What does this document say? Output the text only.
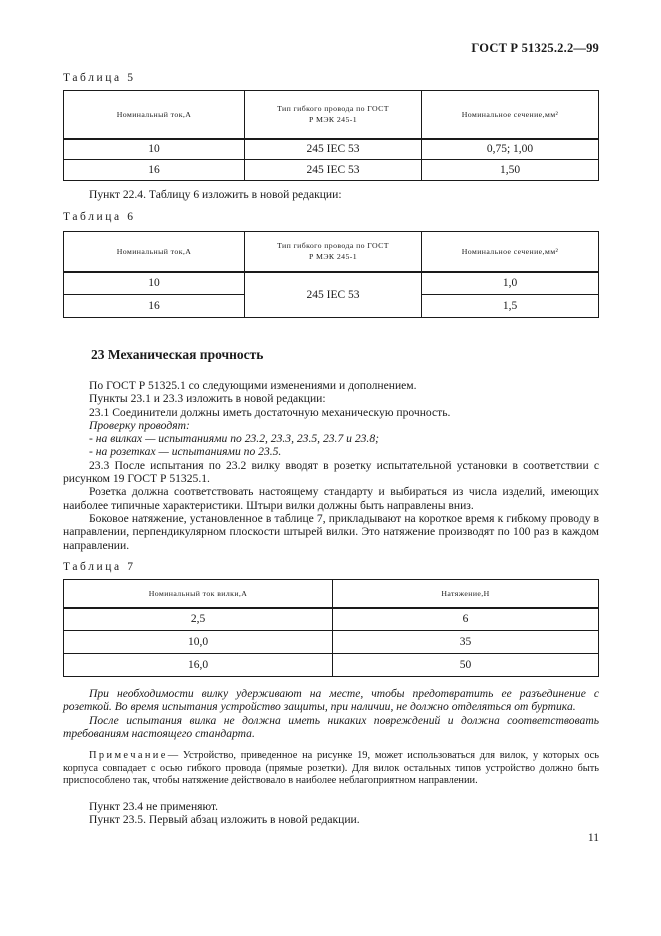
ГОСТ Р 51325.2.2—99
Таблица 5
Номинальный ток,А	Тип гибкого провода по ГОСТ Р МЭК 245-1	Номинальное сечение,мм²
10	245 IEC 53	0,75; 1,00
16	245 IEC 53	1,50

Пункт 22.4. Таблицу 6 изложить в новой редакции:

Таблица 6
Номинальный ток,А	Тип гибкого провода по ГОСТ Р МЭК 245-1	Номинальное сечение,мм²
10	245 IEC 53	1,0
16		1,5
23 Механическая прочность

По ГОСТ Р 51325.1 со следующими изменениями и дополнением.

Пункты 23.1 и 23.3 изложить в новой редакции:

23.1 Соединители должны иметь достаточную механическую прочность.

Проверку проводят:

- на вилках — испытаниями по 23.2, 23.3, 23.5, 23.7 и 23.8;

- на розетках — испытаниями по 23.5.

23.3 После испытания по 23.2 вилку вводят в розетку испытательной установки в соответствии с рисунком 19 ГОСТ Р 51325.1.

Розетка должна соответствовать настоящему стандарту и выбираться из числа изделий, имеющих наиболее типичные характеристики. Штыри вилки должны быть направлены вниз.

Боковое натяжение, установленное в таблице 7, прикладывают на короткое время к гибкому проводу в направлении, перпендикулярном плоскости штырей вилки. Это натяжение производят по 100 раз в каждом направлении.

Таблица 7
Номинальный ток вилки,А	Натяжение,Н
2,5	6
10,0	35
16,0	50

При необходимости вилку удерживают на месте, чтобы предотвратить ее разъединение с розеткой. Во время испытания устройство защиты, при наличии, не должно отделяться от буртика.

После испытания вилка не должна иметь никаких повреждений и должна соответствовать требованиям настоящего стандарта.

Примечание— Устройство, приведенное на рисунке 19, может использоваться для вилок, у которых ось корпуса совпадает с осью гибкого провода (прямые розетки). Для вилок остальных типов устройство должно быть приспособлено так, чтобы натяжение действовало в наиболее неблагоприятном направлении.

Пункт 23.4 не применяют.

Пункт 23.5. Первый абзац изложить в новой редакции.

11
